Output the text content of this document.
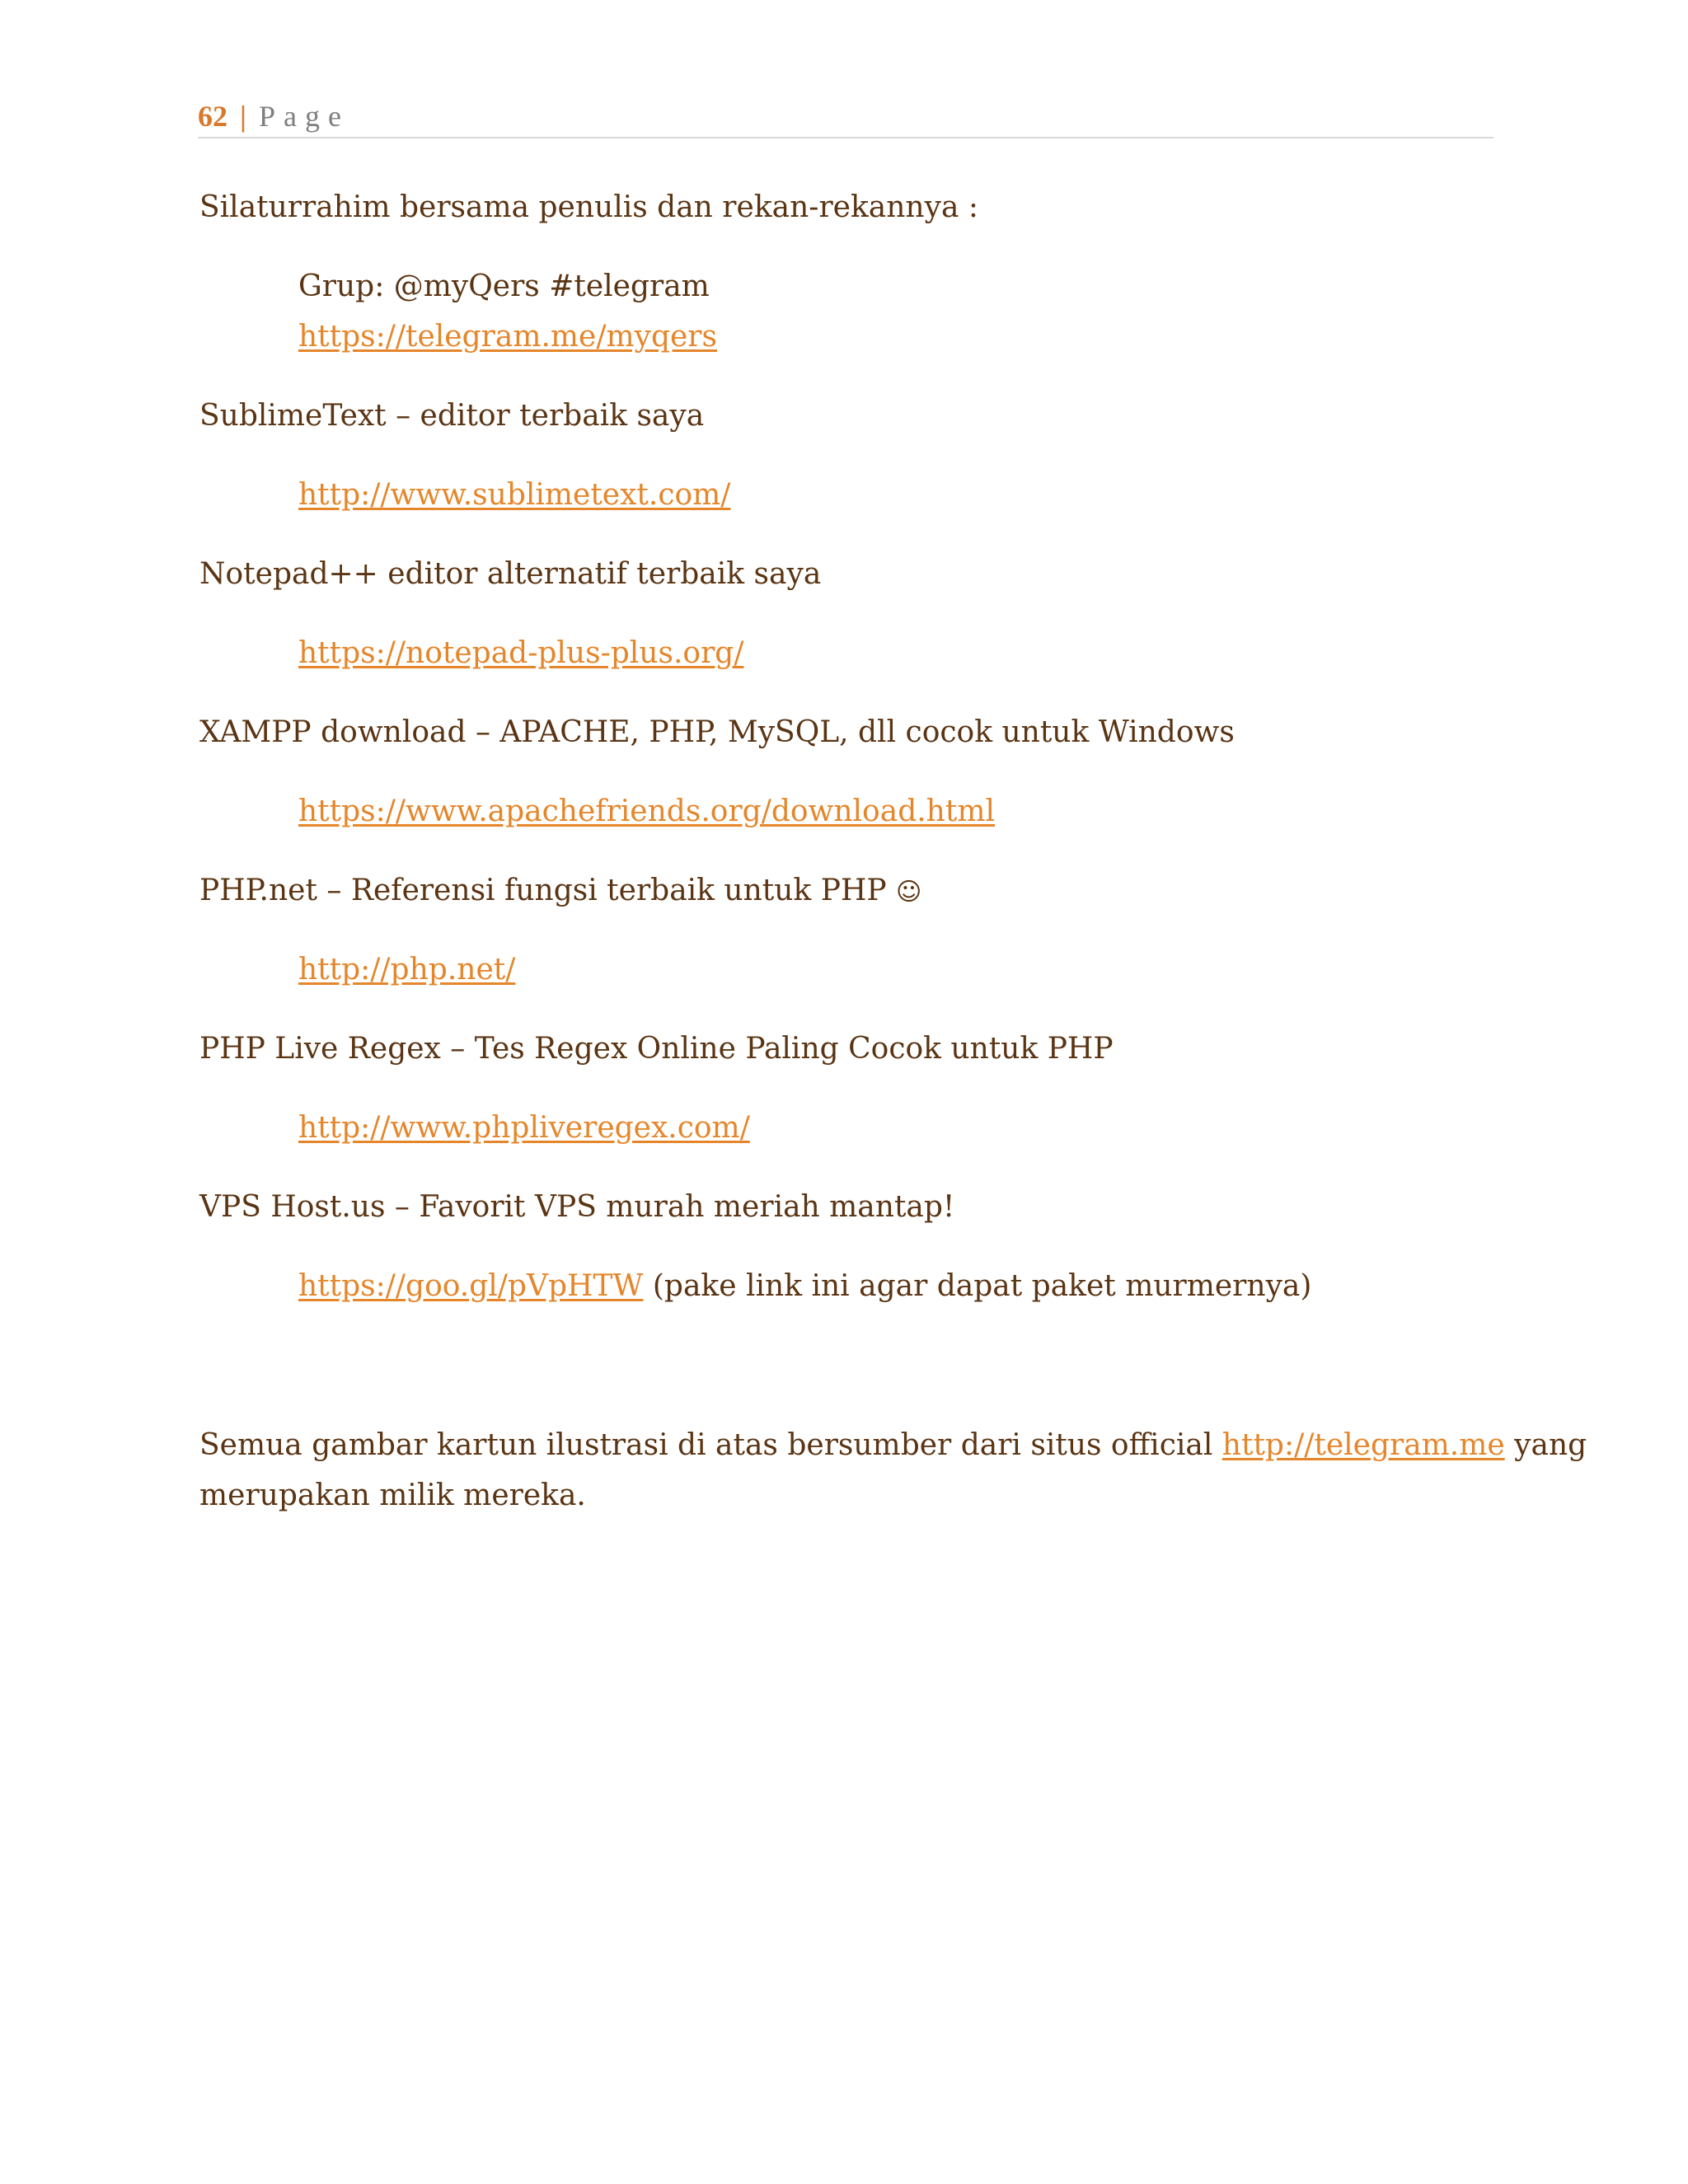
62 | Page
Silaturrahim bersama penulis dan rekan-rekannya :
Grup: @myQers #telegram
https://telegram.me/myqers
SublimeText – editor terbaik saya
http://www.sublimetext.com/
Notepad++ editor alternatif terbaik saya
https://notepad-plus-plus.org/
XAMPP download – APACHE, PHP, MySQL, dll cocok untuk Windows
https://www.apachefriends.org/download.html
PHP.net – Referensi fungsi terbaik untuk PHP ☺
http://php.net/
PHP Live Regex – Tes Regex Online Paling Cocok untuk PHP
http://www.phpliveregex.com/
VPS Host.us – Favorit VPS murah meriah mantap!
https://goo.gl/pVpHTW (pake link ini agar dapat paket murmernya)
Semua gambar kartun ilustrasi di atas bersumber dari situs official http://telegram.me yang
merupakan milik mereka.
